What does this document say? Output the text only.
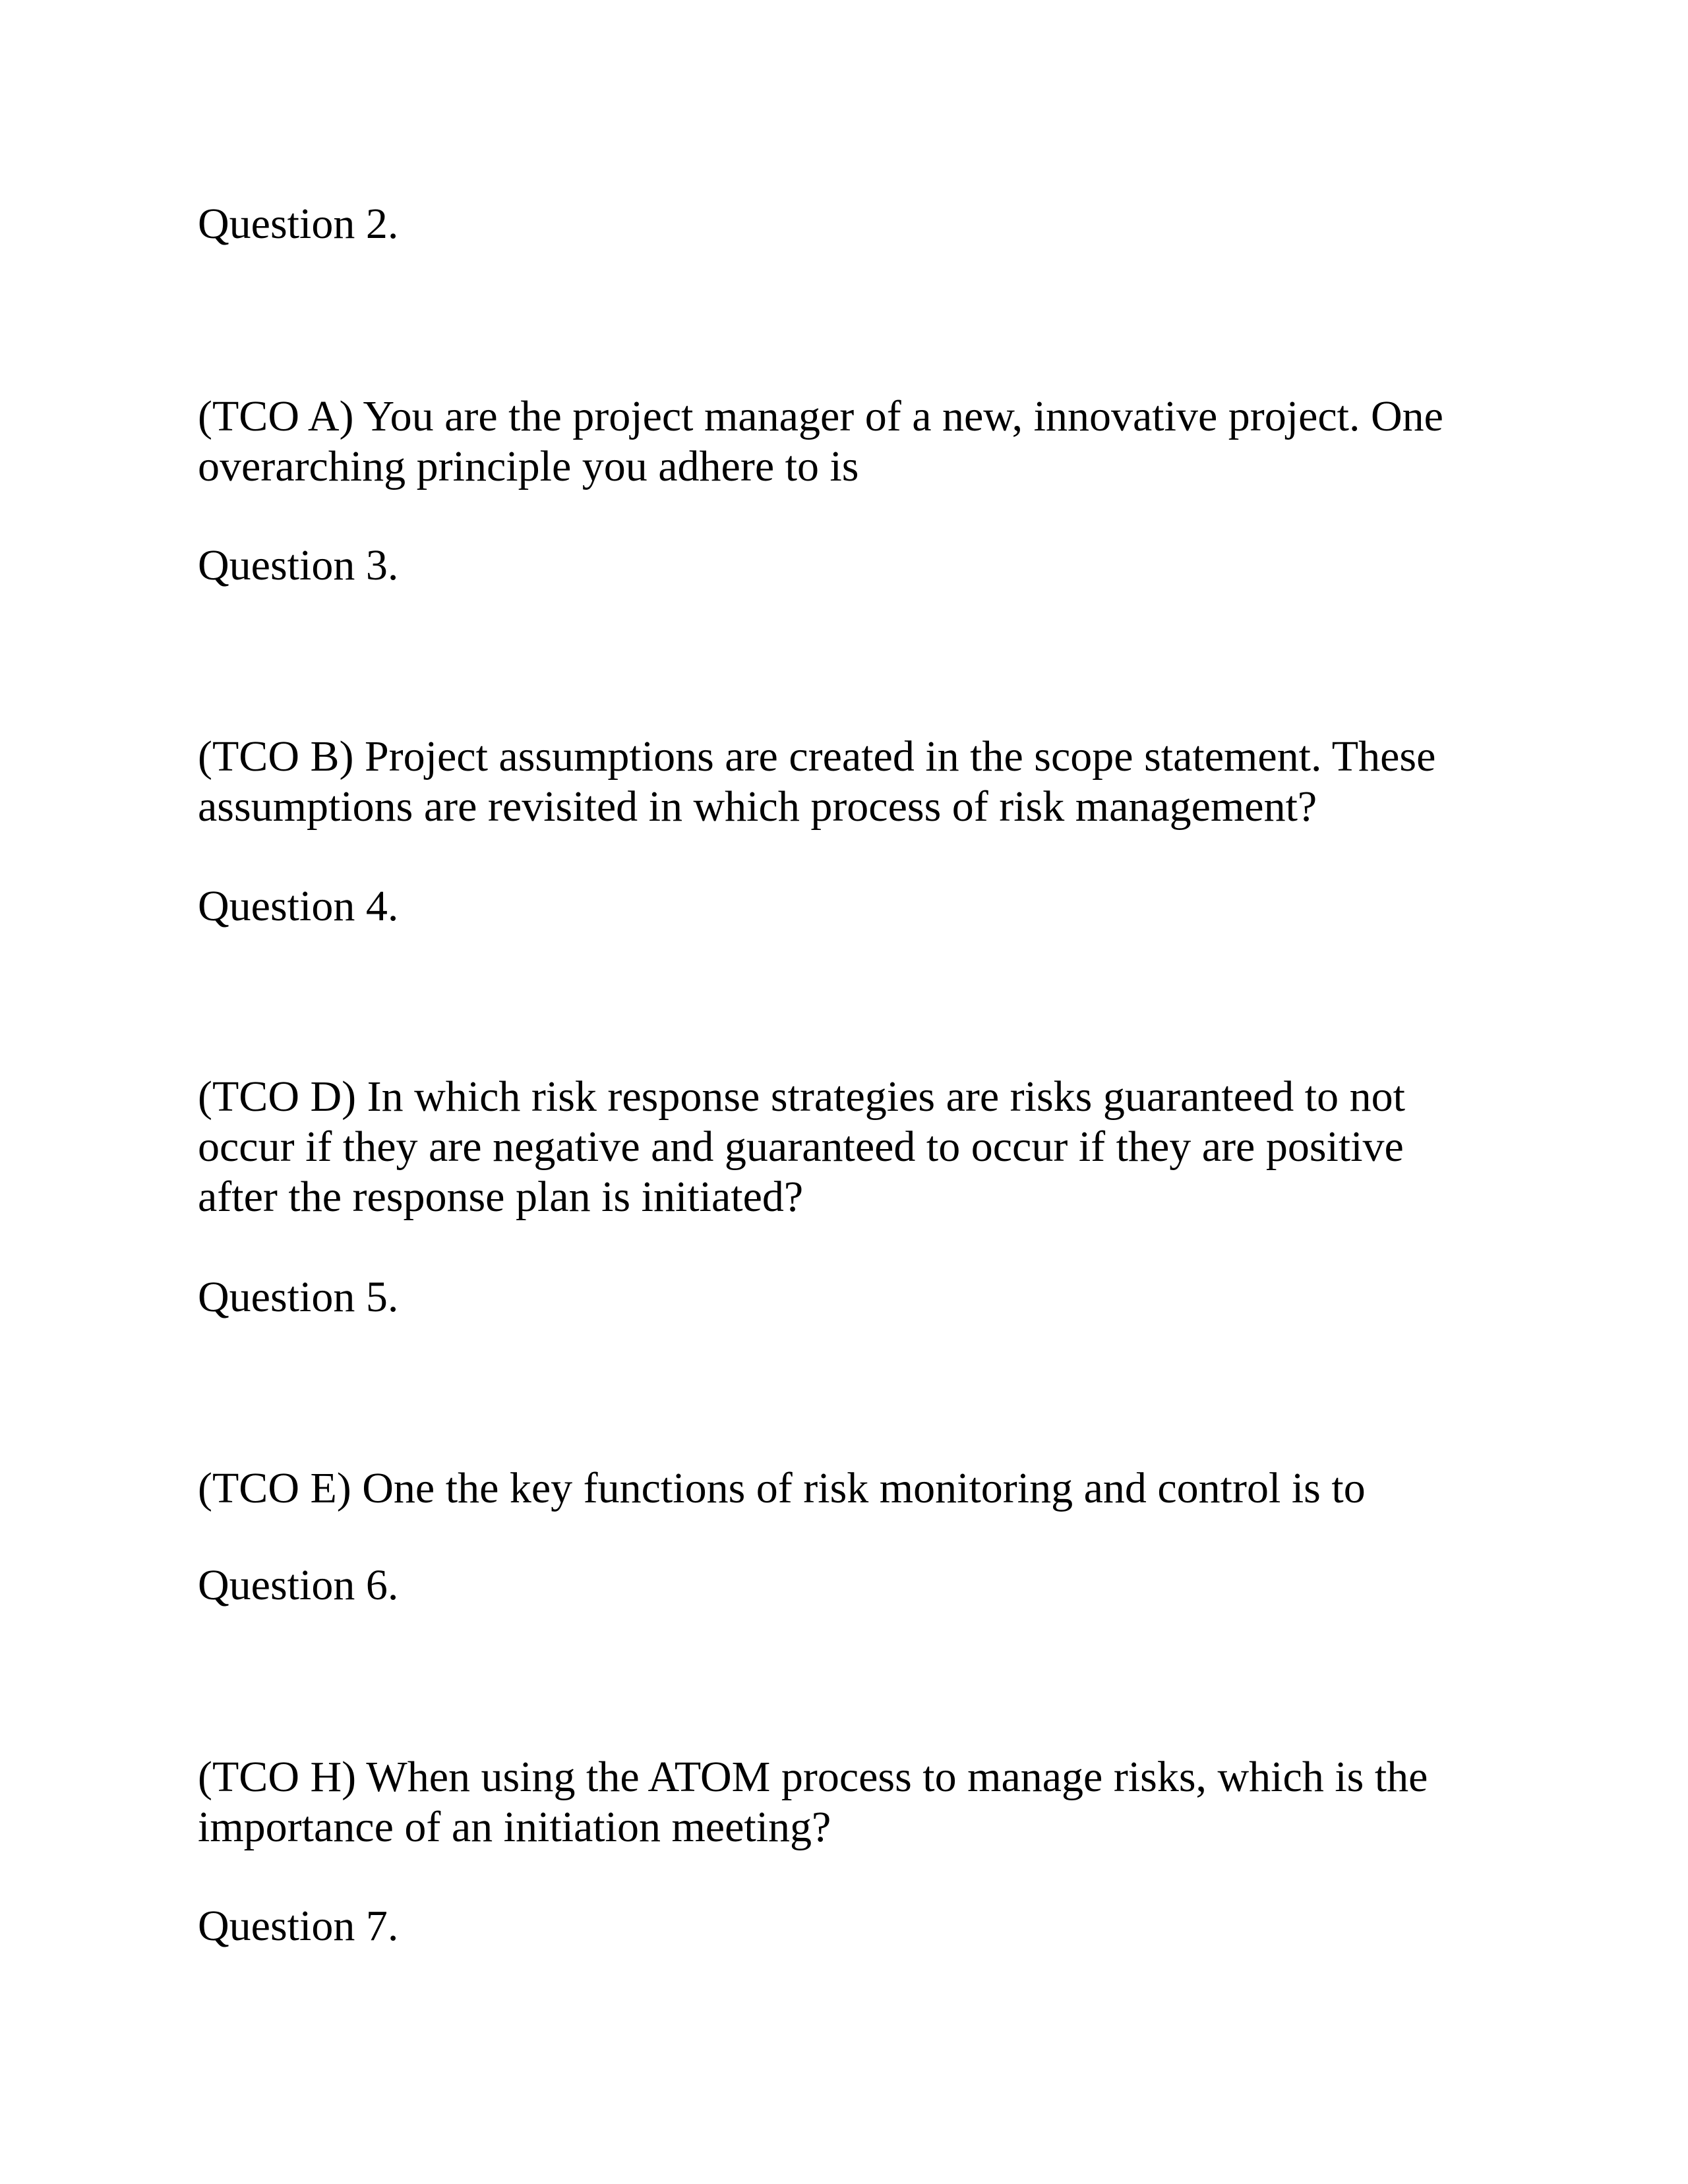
Question 2.

(TCO A) You are the project manager of a new, innovative project. One
overarching principle you adhere to is

Question 3.

(TCO B) Project assumptions are created in the scope statement. These
assumptions are revisited in which process of risk management?

Question 4.

(TCO D) In which risk response strategies are risks guaranteed to not
occur if they are negative and guaranteed to occur if they are positive
after the response plan is initiated?

Question 5.

(TCO E) One the key functions of risk monitoring and control is to

Question 6.

(TCO H) When using the ATOM process to manage risks, which is the
importance of an initiation meeting?

Question 7.
